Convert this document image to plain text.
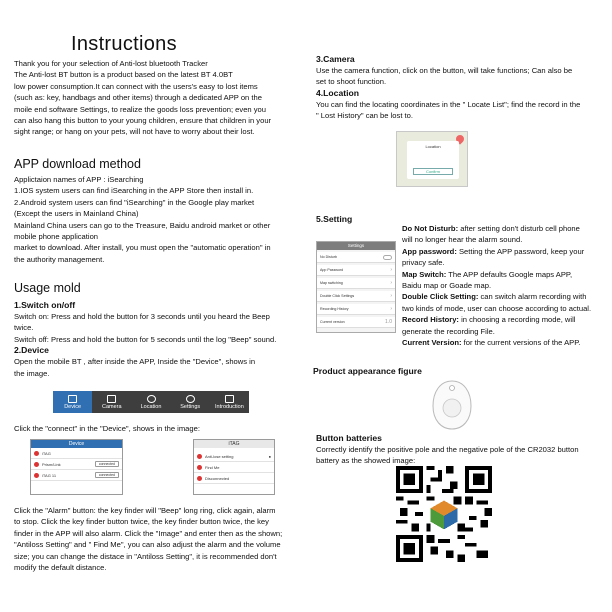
Instructions
Thank you for your selection of Anti-lost bluetooth Tracker
The Anti-lost BT button is a product based on the latest BT 4.0BT
low power consumption.It can connect with the users's easy to lost items
(such as: key, handbags and other items) through a dedicated APP on the
moile end software Settings, to realize the goods loss prevention; even you
can also hang this button to your young children, ensure that children in your
sight range; or hang on your pets, will not have to worry about their lost.
APP download method
Applictaion names of APP : iSearching
1.IOS system users can find iSearching in the APP Store then install in.
2.Android system users can find "iSearching" in the Google play market
(Except the users in Mainland China)
Mainland China users can go to the Treasure, Baidu android market or other
mobile phone application
market to download. After install, you must open the "automatic operation" in
the authority management.
Usage mold
1.Switch on/off
Switch on: Press and hold the button for 3 seconds until you heard the Beep
twice.
Switch off: Press and hold the button for 5 seconds until the log "Beep" sound.
2.Device
Open the mobile BT , after inside the APP, Inside the "Device", shows in
the image.
Device	Camera	Location	Settings	Introduction
Click the "connect" in the "Device", shows in the image:
Device
iTAG
Prism/Link	connected
iTAG 11	connected
iTAG
Anti-lose setting	●
Find Me
Disconnected
Click the "Alarm" button: the key finder will "Beep" long ring, click again, alarm
to stop. Click the key finder button twice, the key finder button twice, the key
finder in the APP will also alarm. Click the "Image" and enter then as the shown;
"Antiloss Setting" and " Find Me", you can also adjust the alarm and the volume
size; you can change the distace in "Antiloss Setting", it is recommended don't
modify the default distance.
3.Camera
Use the camera function, click on the button, will take functions; Can also be
set to shoot function.
4.Location
You can find the locating coordinates in the " Locate List"; find the record in the
" Lost History" can be lost to.
Location
Confirm
5.Setting
Settings
No Disturb
App Password	›
Map switching	›
Double Click Settings	›
Recording History	›
Current version	1.0
Do Not Disturb: after setting don't disturb cell phone
will no longer hear the alarm sound.
App password: Setting the APP password, keep your
privacy safe.
Map Switch: The APP defaults Google maps APP,
Baidu map or Goade map.
Double Click Setting: can switch alarm recording with
two kinds of mode, user can choose according to actual.
Record History: in choosing a recording mode, will
generate the recording File.
Current Version: for the current versions of the APP.
Product appearance figure
Button batteries
Correctly identify the positive pole and the negative pole of the CR2032 button
battery as the showed image:
